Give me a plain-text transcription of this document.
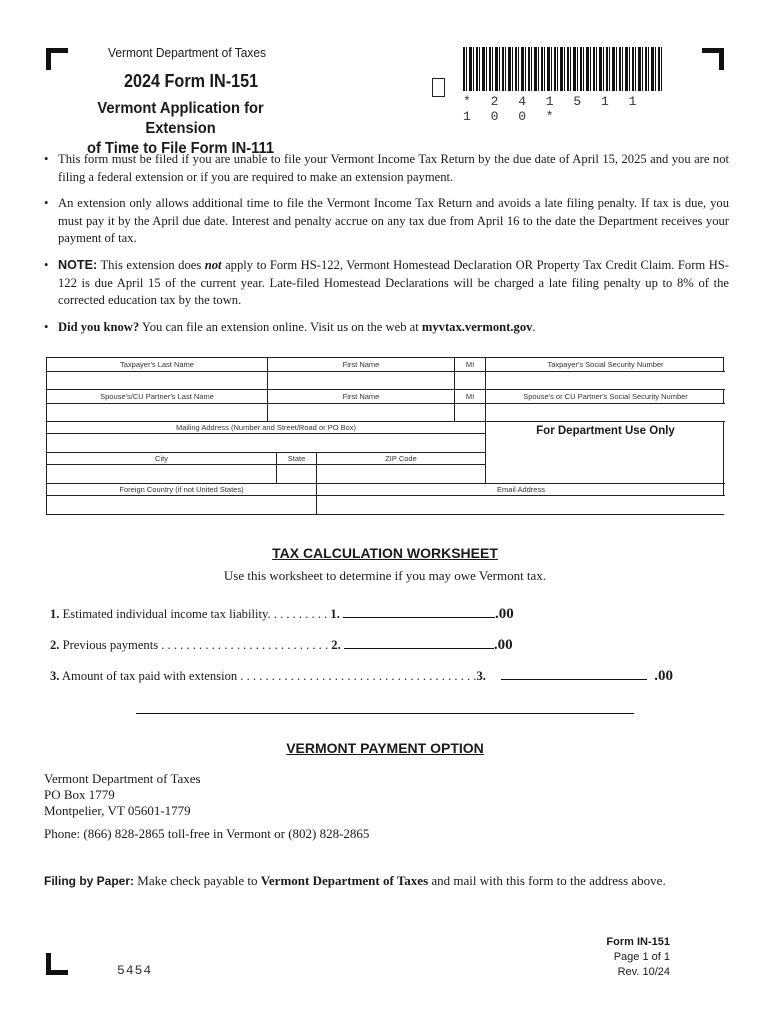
Vermont Department of Taxes
2024 Form IN-151
Vermont Application for Extension
of Time to File Form IN-111
* 2 4 1 5 1 1 1 0 0 *
• This form must be filed if you are unable to file your Vermont Income Tax Return by the due date of April 15, 2025 and you are not filing a federal extension or if you are required to make an extension payment.
• An extension only allows additional time to file the Vermont Income Tax Return and avoids a late filing penalty. If tax is due, you must pay it by the April due date. Interest and penalty accrue on any tax due from April 16 to the date the Department receives your payment of tax.
• NOTE: This extension does not apply to Form HS-122, Vermont Homestead Declaration OR Property Tax Credit Claim. Form HS-122 is due April 15 of the current year. Late-filed Homestead Declarations will be charged a late filing penalty up to 8% of the corrected education tax by the town.
• Did you know? You can file an extension online. Visit us on the web at myvtax.vermont.gov.
Taxpayer's Last Name	First Name	MI	Taxpayer's Social Security Number
Spouse's/CU Partner's Last Name	First Name	MI	Spouse's or CU Partner's Social Security Number
Mailing Address (Number and Street/Road or PO Box)
City	State	ZIP Code
For Department Use Only
Foreign Country (if not United States)	Email Address
TAX CALCULATION WORKSHEET
Use this worksheet to determine if you may owe Vermont tax.
1. Estimated individual income tax liability. . . . . . . . . . 1.	.00
2. Previous payments . . . . . . . . . . . . . . . . . . . . . . . . . . . 2.	.00
3. Amount of tax paid with extension . . . . . . . . . . . . . . . . . . . . . . . . . . . . . . . . . . . . . .3.	.00
VERMONT PAYMENT OPTION
Vermont Department of Taxes
PO Box 1779
Montpelier, VT 05601-1779
Phone: (866) 828-2865 toll-free in Vermont or (802) 828-2865
Filing by Paper: Make check payable to Vermont Department of Taxes and mail with this form to the address above.
5454
Form IN-151
Page 1 of 1
Rev. 10/24
